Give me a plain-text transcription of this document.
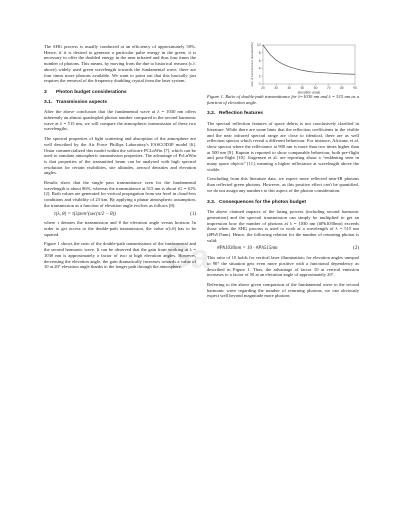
The SHG process is usually conducted at an efficiency of approximately 50%. Hence, if it is desired to generate a particular pulse energy in the green, it is necessary to offer the doubled energy in the near infrared and thus four times the number of photons. This means, by moving from the due to historical reasons (c.f. above) widely used green wavelength towards the fundamental wave, there are four times more photons available. We want to point out that this basically just requires the removal of the frequency doubling crystal from the laser system.

3 Photon budget considerations
3.1. Transmission aspects

After the above conclusion that the fundamental wave at λ = 1030 nm offers inherently an almost quadrupled photon number compared to the second harmonic wave at λ = 515 nm, we will compare the atmospheric transmission of these two wavelengths.

The spectral properties of light scattering and absorption of the atmosphere are well described by the Air Force Phillips Laboratory's FASCOD3P model [6]. Ontar commercialized this model within the software PCLnWin [7], which can be used to simulate atmospheric transmission properties. The advantage of PcLnWin is that properties of the transmitted beam can be analysed with high spectral resolution for certain visibilities, site altitudes, aerosol densities and elevation angles.

Results show that the single pass transmittance τzen for the fundamental wavelength is about 86%, whereas the transmittance at 515 nm is about τG = 61% [2]. Both values are generated for vertical propagation from sea level in cloud-less conditions and visibility of 23 km. By applying a planar atmospheric assumption, the transmission as a function of elevation angle evolves as follows [8]:

τ(λ, θ) = τ(λ)zen^(sec(π/2 − θ))	(1)

where τ denotes the transmission and θ the elevation angle versus horizon. In order to get access to the double-path transmission, the value τ(λ,θ) has to be squared.

Figure 1 shows the ratio of the double-path transmissions of the fundamental and the second harmonic wave. It can be observed that the gain from working at λ = 1030 nm is approximately a factor of two at high elevation angles. However, decreasing the elevation angle, the gain dramatically increases towards a value of 10 at 20° elevation angle thanks to the longer path through the atmosphere.

0
2
4
6
8
10
20	30	40	50	60	70	80	90
elevation angle
ratio of transmission (bandwidths)

Figure 1. Ratio of double-path transmittance for λ=1030 nm and λ = 515 nm as a function of elevation angle.

3.2. Reflection features

The spectral reflection features of space debris is not conclusively clarified in literature. While there are some hints that the reflection coefficients in the visible and the near infrared spectral range are close to identical, there are as well reflection spectra which reveal a different behaviour. For instance, Africano et al. show spectra where the reflectance at 900 nm is more than two times higher than at 500 nm [9]. Kupton is reported to show comparable behaviour, both pre-flight and post-flight [10]. Jorgensen et al. are reporting about a “reddening seen in many space objects” [11], meaning a higher reflectance at wavelength above the visible.

Concluding from this literature data, we expect more reflected near-IR photons than reflected green photons. However, as this positive effect can't be quantified, we do not assign any numbers to this aspect of the photon consideration.

3.3. Consequences for the photon budget

The above claimed impacts of the lasing process (including second harmonic generation) and the spectral transmission can simply be multiplied to get an impression how the number of photons at λ = 1030 nm (#Ph1030nm) exceeds those when the SHG process is used to work at a wavelength of λ = 515 nm (#Ph515nm). Hence, the following relation for the number of returning photon is valid:

#Ph1030nm = 10 · #Ph515nm	(2)

This ratio of 10 holds for vertical laser illumination; for elevation angles unequal to 90° the situation gets even more positive with a functional dependency as described in Figure 1. Thus, the advantage of factor 10 at vertical emission increases to a factor of 50 at an elevation angle of approximately 20°.

Referring to the above given comparison of the fundamental wave to the second harmonic wave regarding the number of returning photons, we can obviously expect well beyond magnitude more photons

Ga
